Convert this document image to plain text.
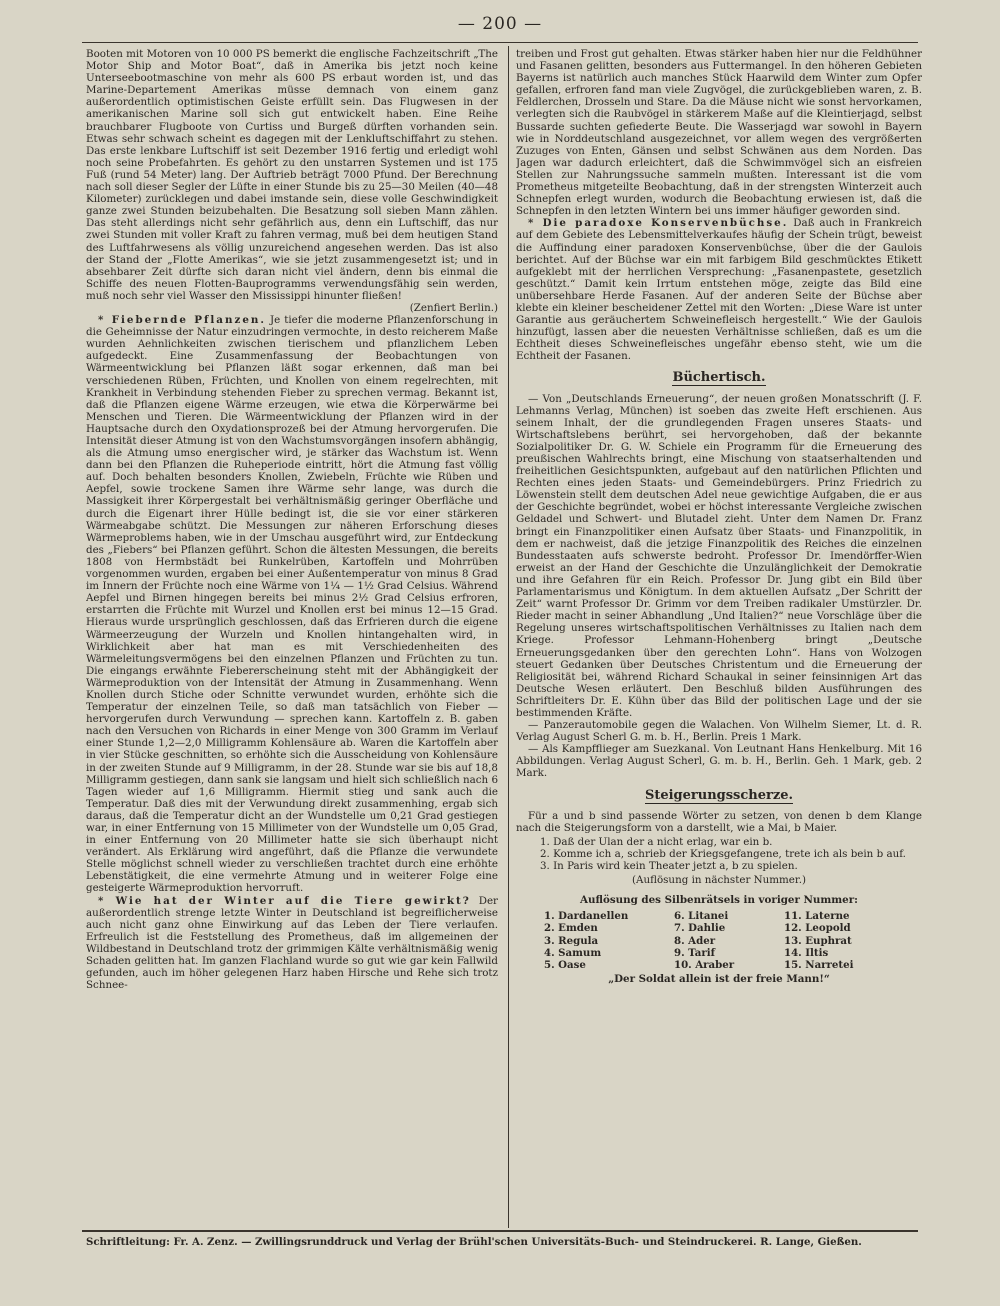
— 200 —

Booten mit Motoren von 10 000 PS bemerkt die englische Fachzeitschrift „The Motor Ship and Motor Boat“, daß in Amerika bis jetzt noch keine Unterseebootmaschine von mehr als 600 PS erbaut worden ist, und das Marine-Departement Amerikas müsse demnach von einem ganz außerordentlich optimistischen Geiste erfüllt sein. Das Flugwesen in der amerikanischen Marine soll sich gut entwickelt haben. Eine Reihe brauchbarer Flugboote von Curtiss und Burgeß dürften vorhanden sein. Etwas sehr schwach scheint es dagegen mit der Lenkluftschiffahrt zu stehen. Das erste lenkbare Luftschiff ist seit Dezember 1916 fertig und erledigt wohl noch seine Probefahrten. Es gehört zu den unstarren Systemen und ist 175 Fuß (rund 54 Meter) lang. Der Auftrieb beträgt 7000 Pfund. Der Berechnung nach soll dieser Segler der Lüfte in einer Stunde bis zu 25—30 Meilen (40—48 Kilometer) zurücklegen und dabei imstande sein, diese volle Geschwindigkeit ganze zwei Stunden beizubehalten. Die Besatzung soll sieben Mann zählen. Das steht allerdings nicht sehr gefährlich aus, denn ein Luftschiff, das nur zwei Stunden mit voller Kraft zu fahren vermag, muß bei dem heutigen Stand des Luftfahrwesens als völlig unzureichend angesehen werden. Das ist also der Stand der „Flotte Amerikas“, wie sie jetzt zusammengesetzt ist; und in absehbarer Zeit dürfte sich daran nicht viel ändern, denn bis einmal die Schiffe des neuen Flotten-Bauprogramms verwendungsfähig sein werden, muß noch sehr viel Wasser den Mississippi hinunter fließen!

(Zenfiert Berlin.)

* Fiebernde Pflanzen. Je tiefer die moderne Pflanzenforschung in die Geheimnisse der Natur einzudringen vermochte, in desto reicherem Maße wurden Aehnlichkeiten zwischen tierischem und pflanzlichem Leben aufgedeckt. Eine Zusammenfassung der Beobachtungen von Wärmeentwicklung bei Pflanzen läßt sogar erkennen, daß man bei verschiedenen Rüben, Früchten, und Knollen von einem regelrechten, mit Krankheit in Verbindung stehenden Fieber zu sprechen vermag. Bekannt ist, daß die Pflanzen eigene Wärme erzeugen, wie etwa die Körperwärme bei Menschen und Tieren. Die Wärmeentwicklung der Pflanzen wird in der Hauptsache durch den Oxydationsprozeß bei der Atmung hervorgerufen. Die Intensität dieser Atmung ist von den Wachstumsvorgängen insofern abhängig, als die Atmung umso energischer wird, je stärker das Wachstum ist. Wenn dann bei den Pflanzen die Ruheperiode eintritt, hört die Atmung fast völlig auf. Doch behalten besonders Knollen, Zwiebeln, Früchte wie Rüben und Aepfel, sowie trockene Samen ihre Wärme sehr lange, was durch die Massigkeit ihrer Körpergestalt bei verhältnismäßig geringer Oberfläche und durch die Eigenart ihrer Hülle bedingt ist, die sie vor einer stärkeren Wärmeabgabe schützt. Die Messungen zur näheren Erforschung dieses Wärmeproblems haben, wie in der Umschau ausgeführt wird, zur Entdeckung des „Fiebers“ bei Pflanzen geführt. Schon die ältesten Messungen, die bereits 1808 von Hermbstädt bei Runkelrüben, Kartoffeln und Mohrrüben vorgenommen wurden, ergaben bei einer Außentemperatur von minus 8 Grad im Innern der Früchte noch eine Wärme von 1¼ — 1½ Grad Celsius. Während Aepfel und Birnen hingegen bereits bei minus 2½ Grad Celsius erfroren, erstarrten die Früchte mit Wurzel und Knollen erst bei minus 12—15 Grad. Hieraus wurde ursprünglich geschlossen, daß das Erfrieren durch die eigene Wärmeerzeugung der Wurzeln und Knollen hintangehalten wird, in Wirklichkeit aber hat man es mit Verschiedenheiten des Wärmeleitungsvermögens bei den einzelnen Pflanzen und Früchten zu tun. Die eingangs erwähnte Fiebererscheinung steht mit der Abhängigkeit der Wärmeproduktion von der Intensität der Atmung in Zusammenhang. Wenn Knollen durch Stiche oder Schnitte verwundet wurden, erhöhte sich die Temperatur der einzelnen Teile, so daß man tatsächlich von Fieber — hervorgerufen durch Verwundung — sprechen kann. Kartoffeln z. B. gaben nach den Versuchen von Richards in einer Menge von 300 Gramm im Verlauf einer Stunde 1,2—2,0 Milligramm Kohlensäure ab. Waren die Kartoffeln aber in vier Stücke geschnitten, so erhöhte sich die Ausscheidung von Kohlensäure in der zweiten Stunde auf 9 Milligramm, in der 28. Stunde war sie bis auf 18,8 Milligramm gestiegen, dann sank sie langsam und hielt sich schließlich nach 6 Tagen wieder auf 1,6 Milligramm. Hiermit stieg und sank auch die Temperatur. Daß dies mit der Verwundung direkt zusammenhing, ergab sich daraus, daß die Temperatur dicht an der Wundstelle um 0,21 Grad gestiegen war, in einer Entfernung von 15 Millimeter von der Wundstelle um 0,05 Grad, in einer Entfernung von 20 Millimeter hatte sie sich überhaupt nicht verändert. Als Erklärung wird angeführt, daß die Pflanze die verwundete Stelle möglichst schnell wieder zu verschließen trachtet durch eine erhöhte Lebenstätigkeit, die eine vermehrte Atmung und in weiterer Folge eine gesteigerte Wärmeproduktion hervorruft.

* Wie hat der Winter auf die Tiere gewirkt? Der außerordentlich strenge letzte Winter in Deutschland ist begreiflicherweise auch nicht ganz ohne Einwirkung auf das Leben der Tiere verlaufen. Erfreulich ist die Feststellung des Prometheus, daß im allgemeinen der Wildbestand in Deutschland trotz der grimmigen Kälte verhältnismäßig wenig Schaden gelitten hat. Im ganzen Flachland wurde so gut wie gar kein Fallwild gefunden, auch im höher gelegenen Harz haben Hirsche und Rehe sich trotz Schnee-

treiben und Frost gut gehalten. Etwas stärker haben hier nur die Feldhühner und Fasanen gelitten, besonders aus Futtermangel. In den höheren Gebieten Bayerns ist natürlich auch manches Stück Haarwild dem Winter zum Opfer gefallen, erfroren fand man viele Zugvögel, die zurückgeblieben waren, z. B. Feldlerchen, Drosseln und Stare. Da die Mäuse nicht wie sonst hervorkamen, verlegten sich die Raubvögel in stärkerem Maße auf die Kleintierjagd, selbst Bussarde suchten gefiederte Beute. Die Wasserjagd war sowohl in Bayern wie in Norddeutschland ausgezeichnet, vor allem wegen des vergrößerten Zuzuges von Enten, Gänsen und selbst Schwänen aus dem Norden. Das Jagen war dadurch erleichtert, daß die Schwimmvögel sich an eisfreien Stellen zur Nahrungssuche sammeln mußten. Interessant ist die vom Prometheus mitgeteilte Beobachtung, daß in der strengsten Winterzeit auch Schnepfen erlegt wurden, wodurch die Beobachtung erwiesen ist, daß die Schnepfen in den letzten Wintern bei uns immer häufiger geworden sind.

* Die paradoxe Konservenbüchse. Daß auch in Frankreich auf dem Gebiete des Lebensmittelverkaufes häufig der Schein trügt, beweist die Auffindung einer paradoxen Konservenbüchse, über die der Gaulois berichtet. Auf der Büchse war ein mit farbigem Bild geschmücktes Etikett aufgeklebt mit der herrlichen Versprechung: „Fasanenpastete, gesetzlich geschützt.“ Damit kein Irrtum entstehen möge, zeigte das Bild eine unübersehbare Herde Fasanen. Auf der anderen Seite der Büchse aber klebte ein kleiner bescheidener Zettel mit den Worten: „Diese Ware ist unter Garantie aus geräuchertem Schweinefleisch hergestellt.“ Wie der Gaulois hinzufügt, lassen aber die neuesten Verhältnisse schließen, daß es um die Echtheit dieses Schweinefleisches ungefähr ebenso steht, wie um die Echtheit der Fasanen.

Büchertisch.

— Von „Deutschlands Erneuerung“, der neuen großen Monatsschrift (J. F. Lehmanns Verlag, München) ist soeben das zweite Heft erschienen. Aus seinem Inhalt, der die grundlegenden Fragen unseres Staats- und Wirtschaftslebens berührt, sei hervorgehoben, daß der bekannte Sozialpolitiker Dr. G. W. Schiele ein Programm für die Erneuerung des preußischen Wahlrechts bringt, eine Mischung von staatserhaltenden und freiheitlichen Gesichtspunkten, aufgebaut auf den natürlichen Pflichten und Rechten eines jeden Staats- und Gemeindebürgers. Prinz Friedrich zu Löwenstein stellt dem deutschen Adel neue gewichtige Aufgaben, die er aus der Geschichte begründet, wobei er höchst interessante Vergleiche zwischen Geldadel und Schwert- und Blutadel zieht. Unter dem Namen Dr. Franz bringt ein Finanzpolitiker einen Aufsatz über Staats- und Finanzpolitik, in dem er nachweist, daß die jetzige Finanzpolitik des Reiches die einzelnen Bundesstaaten aufs schwerste bedroht. Professor Dr. Imendörffer-Wien erweist an der Hand der Geschichte die Unzulänglichkeit der Demokratie und ihre Gefahren für ein Reich. Professor Dr. Jung gibt ein Bild über Parlamentarismus und Königtum. In dem aktuellen Aufsatz „Der Schritt der Zeit“ warnt Professor Dr. Grimm vor dem Treiben radikaler Umstürzler. Dr. Rieder macht in seiner Abhandlung „Und Italien?“ neue Vorschläge über die Regelung unseres wirtschaftspolitischen Verhältnisses zu Italien nach dem Kriege. Professor Lehmann-Hohenberg bringt „Deutsche Erneuerungsgedanken über den gerechten Lohn“. Hans von Wolzogen steuert Gedanken über Deutsches Christentum und die Erneuerung der Religiosität bei, während Richard Schaukal in seiner feinsinnigen Art das Deutsche Wesen erläutert. Den Beschluß bilden Ausführungen des Schriftleiters Dr. E. Kühn über das Bild der politischen Lage und der sie bestimmenden Kräfte.

— Panzerautomobile gegen die Walachen. Von Wilhelm Siemer, Lt. d. R. Verlag August Scherl G. m. b. H., Berlin. Preis 1 Mark.

— Als Kampfflieger am Suezkanal. Von Leutnant Hans Henkelburg. Mit 16 Abbildungen. Verlag August Scherl, G. m. b. H., Berlin. Geh. 1 Mark, geb. 2 Mark.

Steigerungsscherze.

Für a und b sind passende Wörter zu setzen, von denen b dem Klange nach die Steigerungsform von a darstellt, wie a Mai, b Maier.

1. Daß der Ulan der a nicht erlag, war ein b.
2. Komme ich a, schrieb der Kriegsgefangene, trete ich als bein b auf.
3. In Paris wird kein Theater jetzt a, b zu spielen.
(Auflösung in nächster Nummer.)
Auflösung des Silbenrätsels in voriger Nummer:
1. Dardanellen	6. Litanei	11. Laterne
2. Emden	7. Dahlie	12. Leopold
3. Regula	8. Ader	13. Euphrat
4. Samum	9. Tarif	14. Iltis
5. Oase	10. Araber	15. Narretei
„Der Soldat allein ist der freie Mann!“
Schriftleitung: Fr. A. Zenz. — Zwillingsrunddruck und Verlag der Brühl'schen Universitäts-Buch- und Steindruckerei. R. Lange, Gießen.
